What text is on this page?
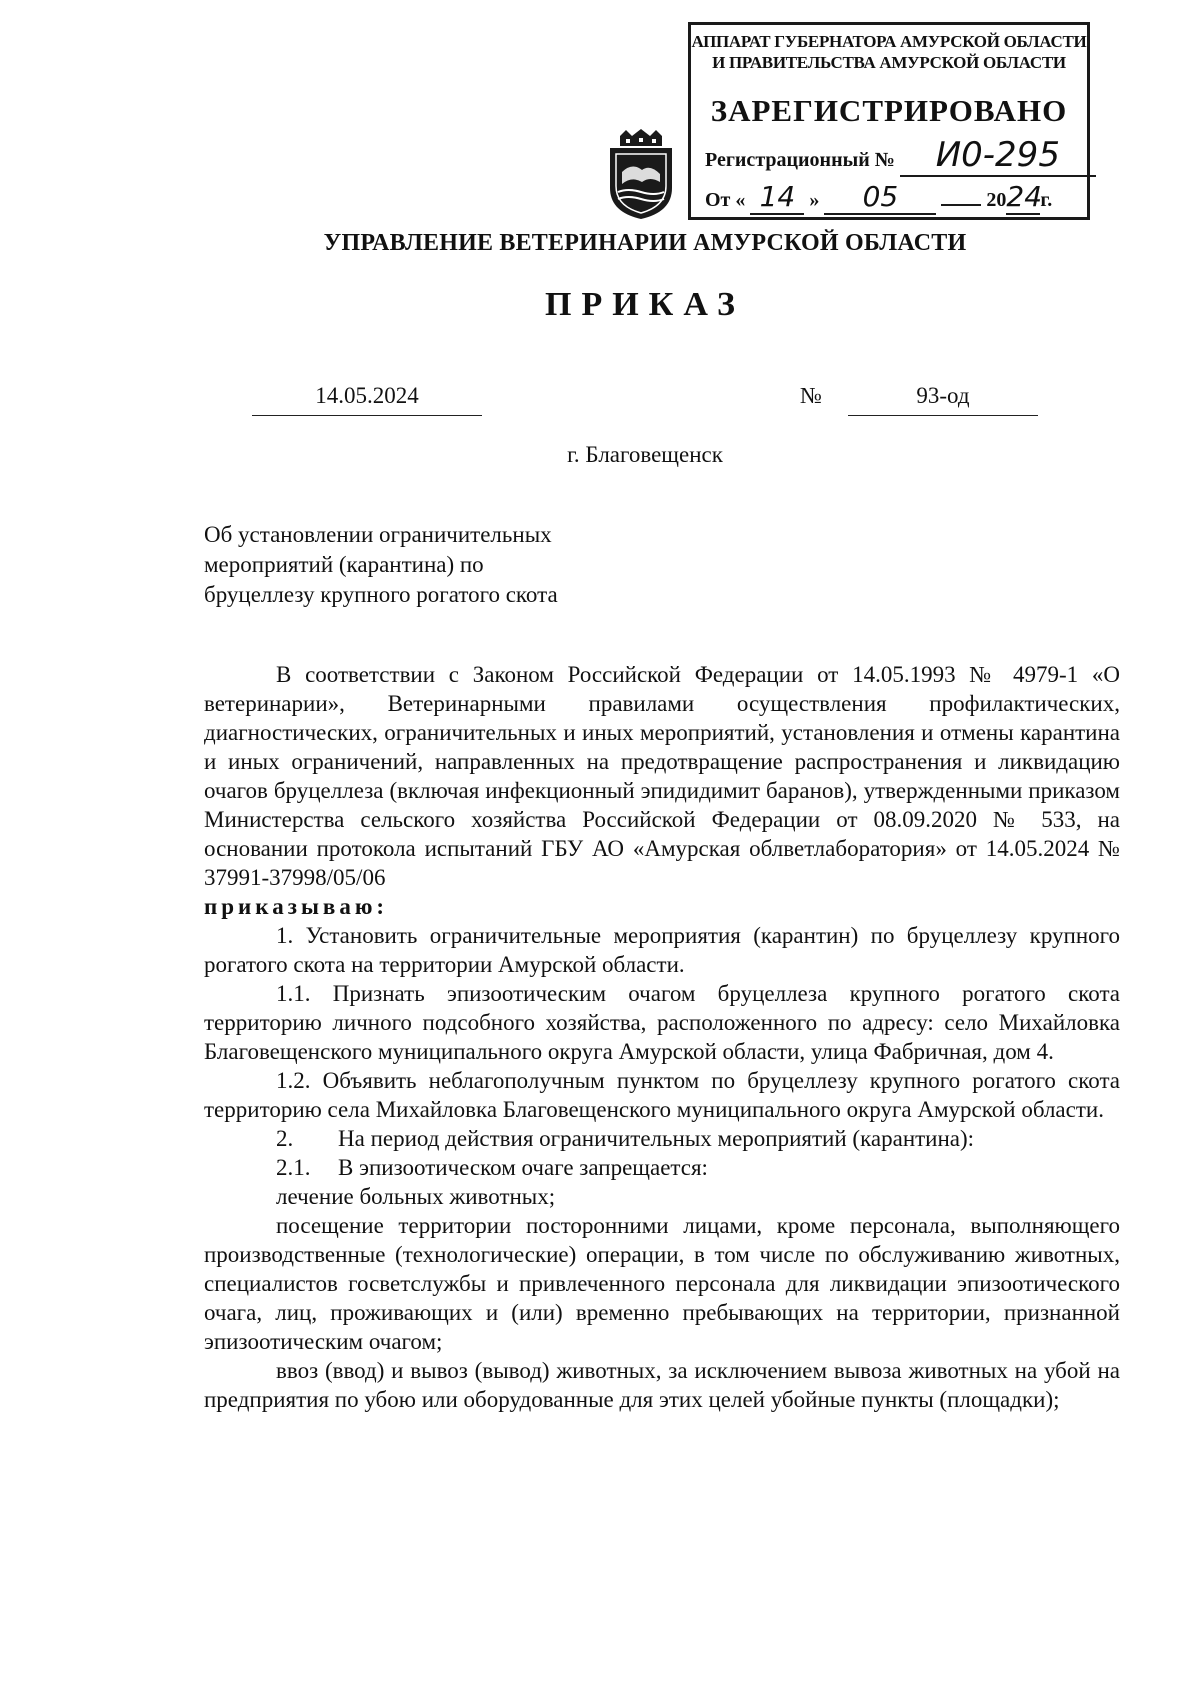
АППАРАТ ГУБЕРНАТОРА АМУРСКОЙ ОБЛАСТИ
И ПРАВИТЕЛЬСТВА АМУРСКОЙ ОБЛАСТИ
ЗАРЕГИСТРИРОВАНО
Регистрационный № И0-295
От « 14 » 05	2024г.
УПРАВЛЕНИЕ ВЕТЕРИНАРИИ АМУРСКОЙ ОБЛАСТИ
ПРИКАЗ
14.05.2024	№	93-од
г. Благовещенск
Об установлении ограничительных
мероприятий (карантина) по
бруцеллезу крупного рогатого скота

В соответствии с Законом Российской Федерации от 14.05.1993 № 4979-1 «О ветеринарии», Ветеринарными правилами осуществления профилактических, диагностических, ограничительных и иных мероприятий, установления и отмены карантина и иных ограничений, направленных на предотвращение распространения и ликвидацию очагов бруцеллеза (включая инфекционный эпидидимит баранов), утвержденными приказом Министерства сельского хозяйства Российской Федерации от 08.09.2020 № 533, на основании протокола испытаний ГБУ АО «Амурская облветлаборатория» от 14.05.2024 № 37991-37998/05/06

приказываю:

1. Установить ограничительные мероприятия (карантин) по бруцеллезу крупного рогатого скота на территории Амурской области.

1.1. Признать эпизоотическим очагом бруцеллеза крупного рогатого скота территорию личного подсобного хозяйства, расположенного по адресу: село Михайловка Благовещенского муниципального округа Амурской области, улица Фабричная, дом 4.

1.2. Объявить неблагополучным пунктом по бруцеллезу крупного рогатого скота территорию села Михайловка Благовещенского муниципального округа Амурской области.

2.	На период действия ограничительных мероприятий (карантина):
2.1.	В эпизоотическом очаге запрещается:

лечение больных животных;

посещение территории посторонними лицами, кроме персонала, выполняющего производственные (технологические) операции, в том числе по обслуживанию животных, специалистов госветслужбы и привлеченного персонала для ликвидации эпизоотического очага, лиц, проживающих и (или) временно пребывающих на территории, признанной эпизоотическим очагом;

ввоз (ввод) и вывоз (вывод) животных, за исключением вывоза животных на убой на предприятия по убою или оборудованные для этих целей убойные пункты (площадки);
